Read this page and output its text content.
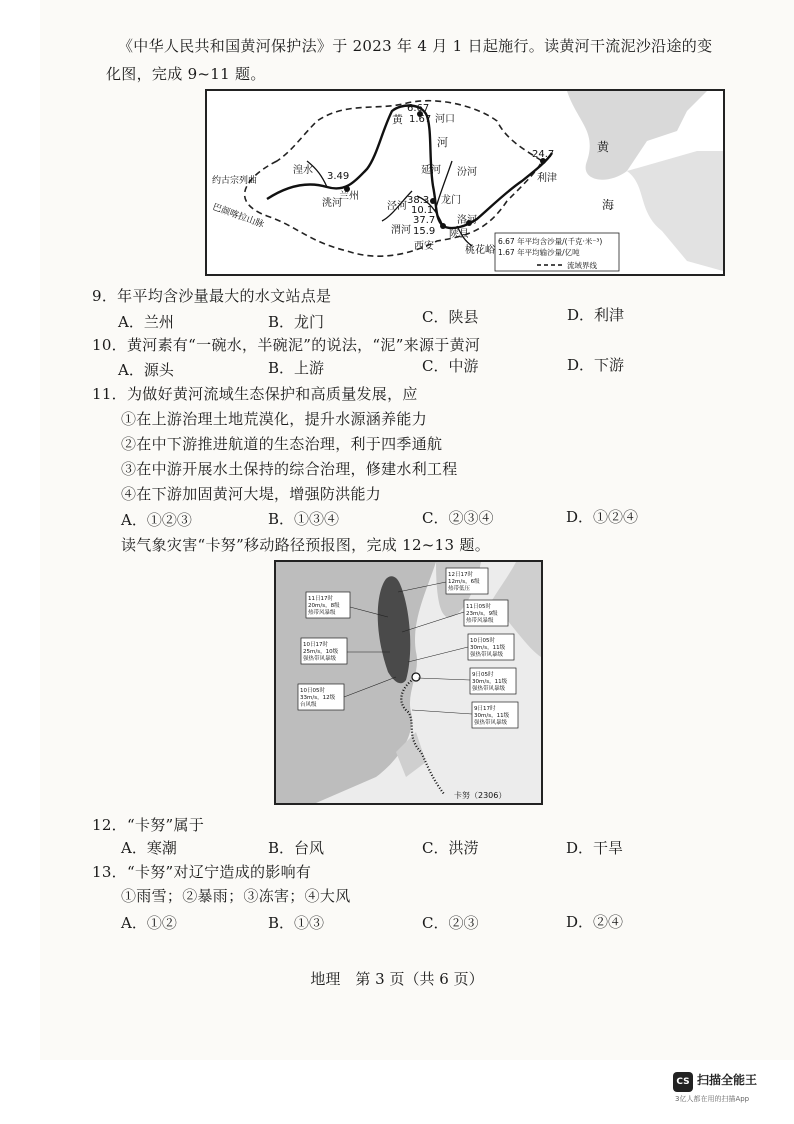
《中华人民共和国黄河保护法》于 2023 年 4 月 1 日起施行。读黄河干流泥沙沿途的变
化图，完成 9~11 题。
6.67
1.67 河口
黄
河
约古宗列曲
巴颜喀拉山脉
湟水
3.49
兰州
洮河
延河 汾河
泾河
渭河
38.3
10.1
龙门
37.7
15.9 陕县
西安
洛河
桃花峪
24.7
利津
黄
海
6.67 年平均含沙量/(千克·米⁻³)
1.67 年平均输沙量/亿吨
流域界线
9．年平均含沙量最大的水文站点是
A．兰州	B．龙门	C．陕县	D．利津
10．黄河素有“一碗水，半碗泥”的说法，“泥”来源于黄河
A．源头	B．上游	C．中游	D．下游
11．为做好黄河流域生态保护和高质量发展，应
①在上游治理土地荒漠化，提升水源涵养能力
②在中下游推进航道的生态治理，利于四季通航
③在中游开展水土保持的综合治理，修建水利工程
④在下游加固黄河大堤，增强防洪能力
A．①②③	B．①③④	C．②③④	D．①②④
读气象灾害“卡努”移动路径预报图，完成 12~13 题。
12日17时
12m/s，6级
热带低压
11日17时
20m/s，8级
热带风暴级
11日05时
23m/s，9级
热带风暴级
10日17时
25m/s，10级
强热带风暴级
10日05时
30m/s，11级
强热带风暴级
10日05时
33m/s，12级
台风级
9日05时
30m/s，11级
强热带风暴级
9日17时
30m/s，11级
强热带风暴级
卡努（2306）
12．“卡努”属于
A．寒潮	B．台风	C．洪涝	D．干旱
13．“卡努”对辽宁造成的影响有
①雨雪；②暴雨；③冻害；④大风
A．①②	B．①③	C．②③	D．②④
地理　第 3 页（共 6 页）
CS 扫描全能王
3亿人都在用的扫描App
